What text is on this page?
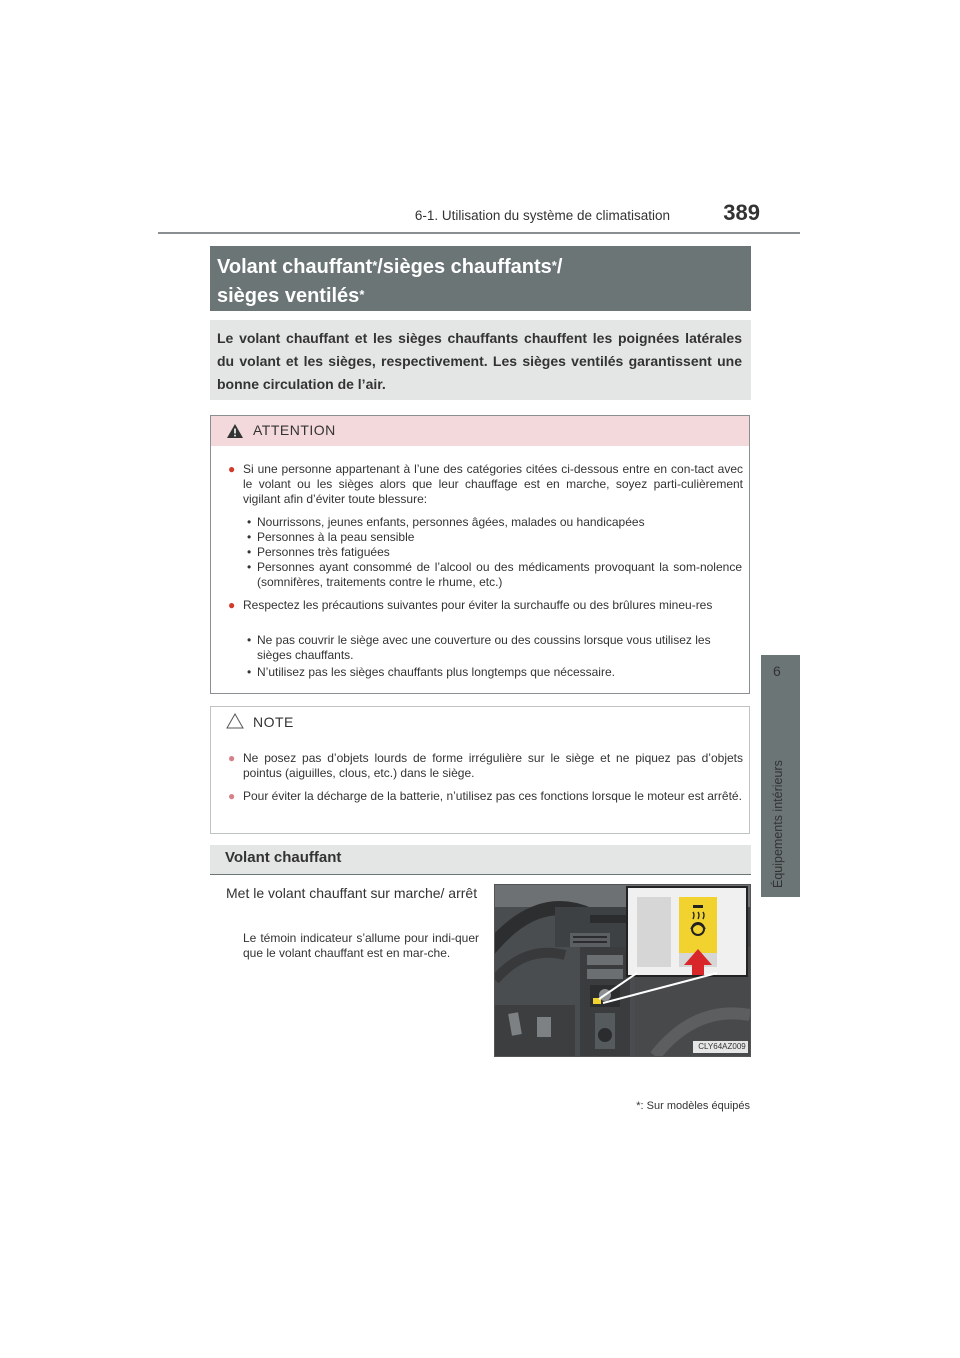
6-1. Utilisation du système de climatisation	389
6
Équipements intérieurs
Volant chauffant*/sièges chauffants*/
sièges ventilés*
Le volant chauffant et les sièges chauffants chauffent les poignées latérales du volant et les sièges, respectivement. Les sièges ventilés garantissent une bonne circulation de l’air.
ATTENTION
● Si une personne appartenant à l’une des catégories citées ci-dessous entre en con-tact avec le volant ou les sièges alors que leur chauffage est en marche, soyez parti-culièrement vigilant afin d’éviter toute blessure:
• Nourrissons, jeunes enfants, personnes âgées, malades ou handicapées
• Personnes à la peau sensible
• Personnes très fatiguées
• Personnes ayant consommé de l’alcool ou des médicaments provoquant la som-nolence (somnifères, traitements contre le rhume, etc.)
● Respectez les précautions suivantes pour éviter la surchauffe ou des brûlures mineu-res
• Ne pas couvrir le siège avec une couverture ou des coussins lorsque vous utilisez les sièges chauffants.
• N’utilisez pas les sièges chauffants plus longtemps que nécessaire.
NOTE
● Ne posez pas d’objets lourds de forme irrégulière sur le siège et ne piquez pas d’objets pointus (aiguilles, clous, etc.) dans le siège.
● Pour éviter la décharge de la batterie, n’utilisez pas ces fonctions lorsque le moteur est arrêté.
Volant chauffant
Met le volant chauffant sur marche/ arrêt
Le témoin indicateur s’allume pour indi-quer que le volant chauffant est en mar-che.
CLY64AZ009
*: Sur modèles équipés
